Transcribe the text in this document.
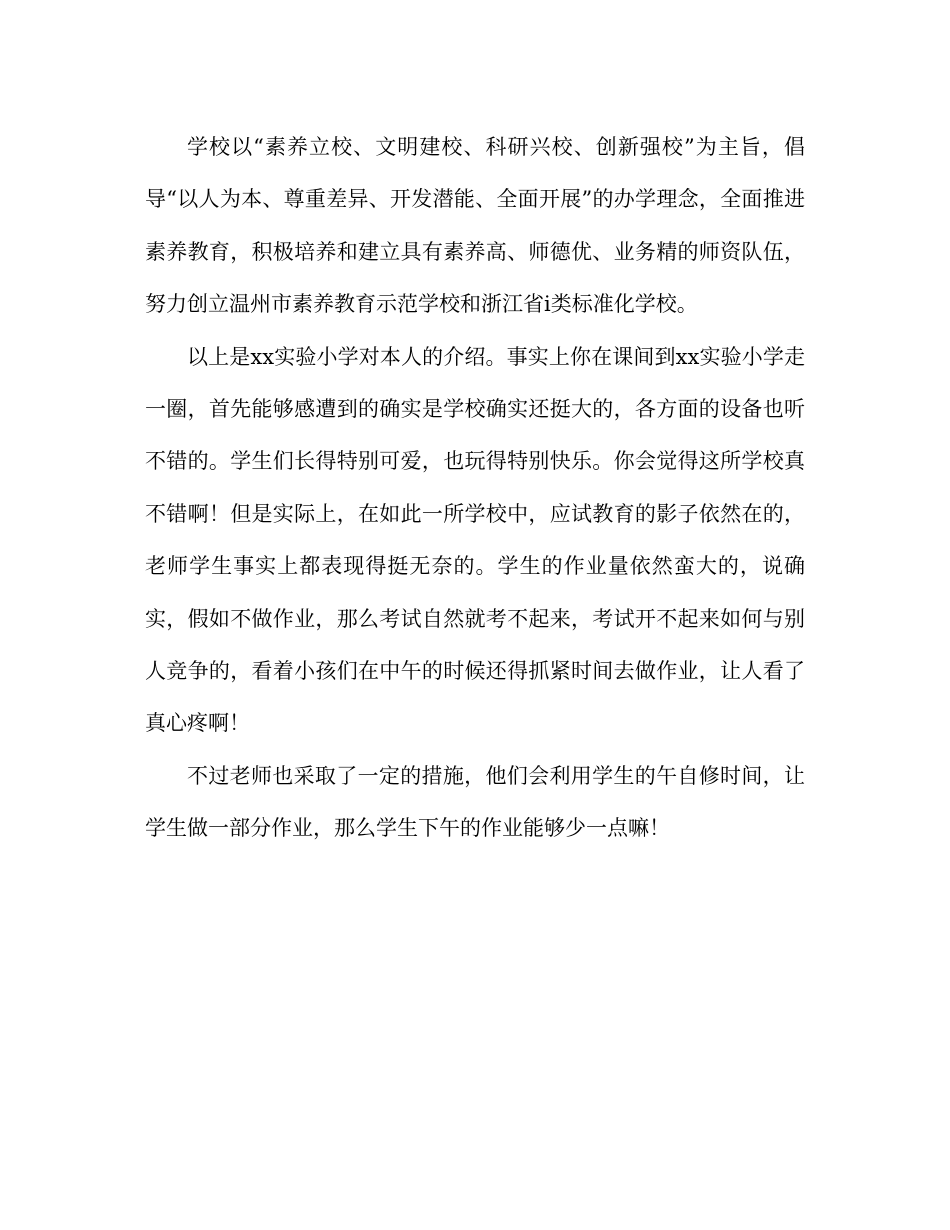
学校以“素养立校、文明建校、科研兴校、创新强校”为主旨，倡导“以人为本、尊重差异、开发潜能、全面开展”的办学理念，全面推进素养教育，积极培养和建立具有素养高、师德优、业务精的师资队伍，努力创立温州市素养教育示范学校和浙江省ⅰ类标准化学校。

以上是xx实验小学对本人的介绍。事实上你在课间到xx实验小学走一圈，首先能够感遭到的确实是学校确实还挺大的，各方面的设备也听不错的。学生们长得特别可爱，也玩得特别快乐。你会觉得这所学校真不错啊！但是实际上，在如此一所学校中，应试教育的影子依然在的，老师学生事实上都表现得挺无奈的。学生的作业量依然蛮大的，说确实，假如不做作业，那么考试自然就考不起来，考试开不起来如何与别人竞争的，看着小孩们在中午的时候还得抓紧时间去做作业，让人看了真心疼啊！

不过老师也采取了一定的措施，他们会利用学生的午自修时间，让学生做一部分作业，那么学生下午的作业能够少一点嘛！
